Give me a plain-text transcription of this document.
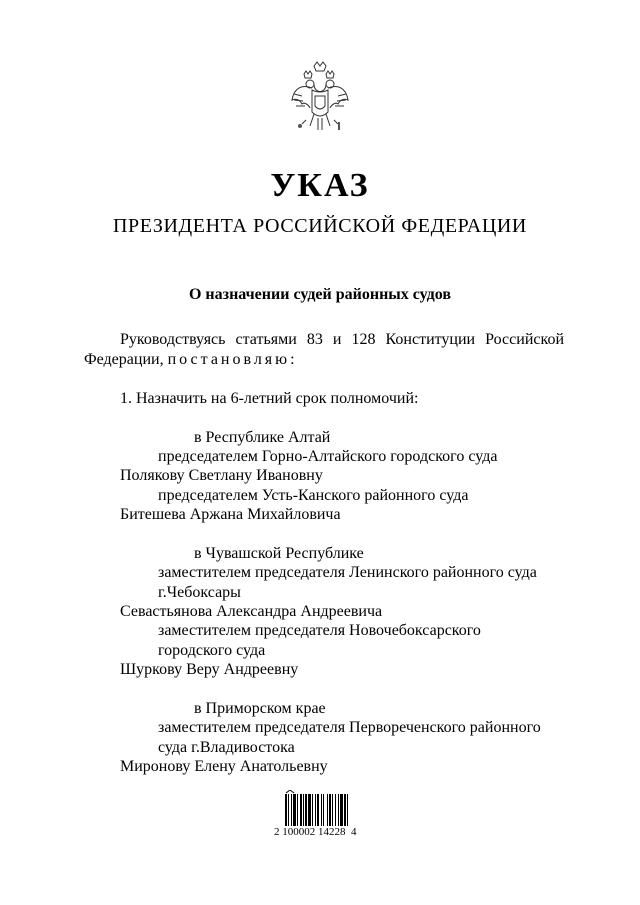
УКАЗ
ПРЕЗИДЕНТА РОССИЙСКОЙ ФЕДЕРАЦИИ
О назначении судей районных судов
Руководствуясь статьями 83 и 128 Конституции Российской
Федерации, постановляю:
1. Назначить на 6-летний срок полномочий:
в Республике Алтай
председателем Горно-Алтайского городского суда
Полякову Светлану Ивановну
председателем Усть-Канского районного суда
Битешева Аржана Михайловича
в Чувашской Республике
заместителем председателя Ленинского районного суда
г.Чебоксары
Севастьянова Александра Андреевича
заместителем председателя Новочебоксарского
городского суда
Шуркову Веру Андреевну
в Приморском крае
заместителем председателя Первореченского районного
суда г.Владивостока
Миронову Елену Анатольевну
2 100002 14228  4
